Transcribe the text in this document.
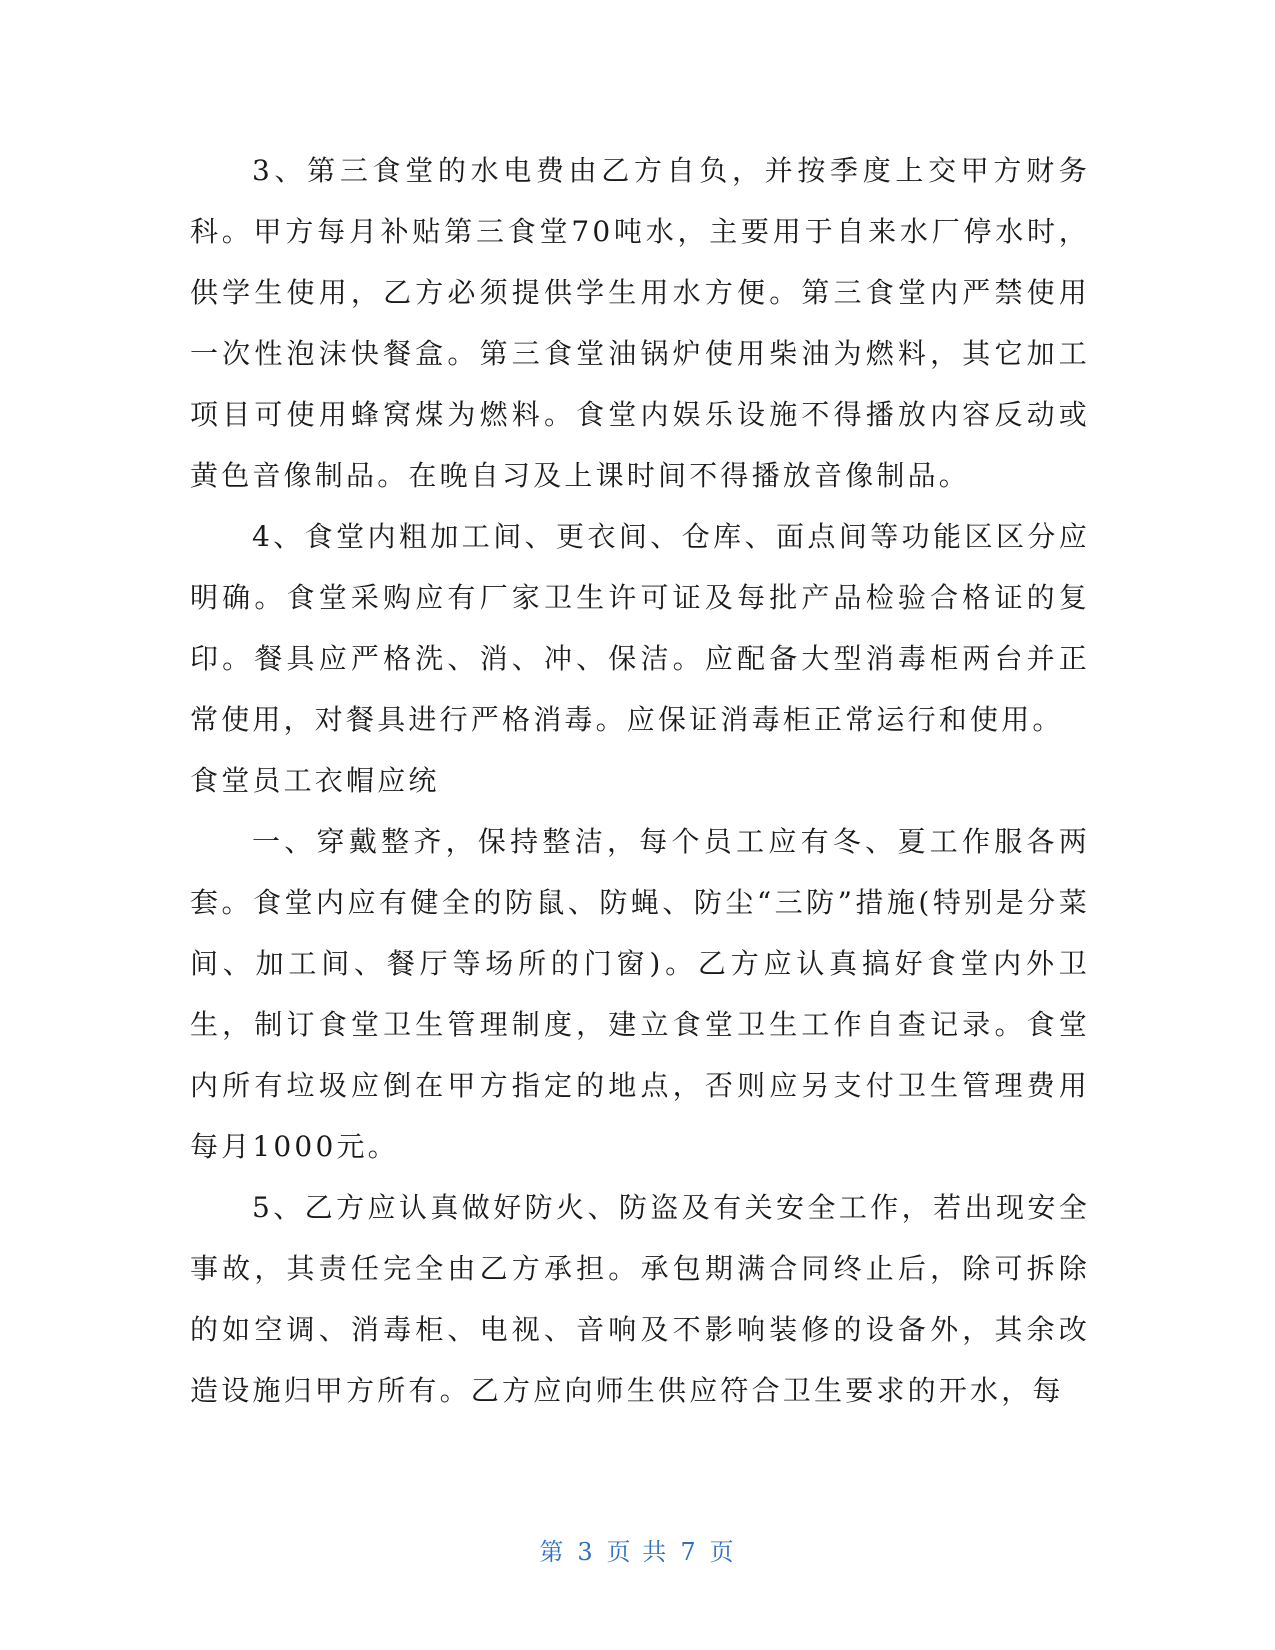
3、第三食堂的水电费由乙方自负，并按季度上交甲方财务科。甲方每月补贴第三食堂70吨水，主要用于自来水厂停水时，供学生使用，乙方必须提供学生用水方便。第三食堂内严禁使用一次性泡沫快餐盒。第三食堂油锅炉使用柴油为燃料，其它加工项目可使用蜂窝煤为燃料。食堂内娱乐设施不得播放内容反动或黄色音像制品。在晚自习及上课时间不得播放音像制品。

4、食堂内粗加工间、更衣间、仓库、面点间等功能区区分应明确。食堂采购应有厂家卫生许可证及每批产品检验合格证的复印。餐具应严格洗、消、冲、保洁。应配备大型消毒柜两台并正常使用，对餐具进行严格消毒。应保证消毒柜正常运行和使用。

食堂员工衣帽应统

一、穿戴整齐，保持整洁，每个员工应有冬、夏工作服各两套。食堂内应有健全的防鼠、防蝇、防尘“三防”措施(特别是分菜间、加工间、餐厅等场所的门窗)。乙方应认真搞好食堂内外卫生，制订食堂卫生管理制度，建立食堂卫生工作自查记录。食堂内所有垃圾应倒在甲方指定的地点，否则应另支付卫生管理费用每月1000元。

5、乙方应认真做好防火、防盗及有关安全工作，若出现安全事故，其责任完全由乙方承担。承包期满合同终止后，除可拆除的如空调、消毒柜、电视、音响及不影响装修的设备外，其余改造设施归甲方所有。乙方应向师生供应符合卫生要求的开水，每

第 3 页 共 7 页
